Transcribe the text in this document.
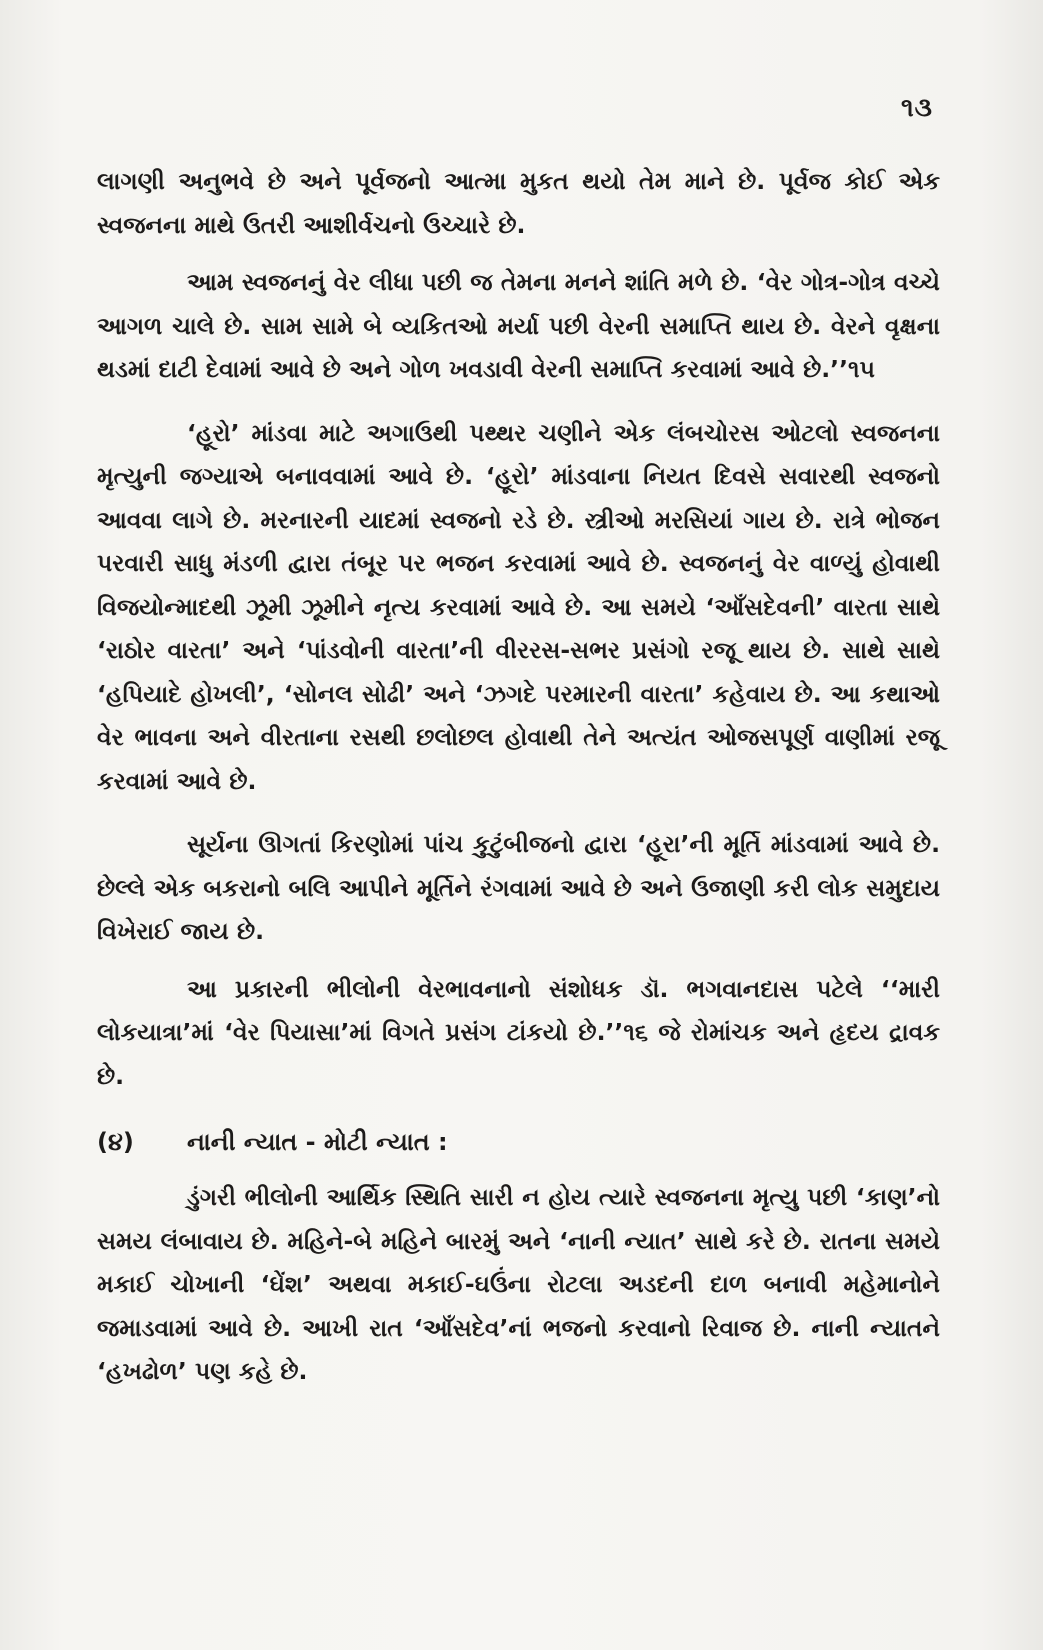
૧૩

લાગણી અનુભવે છે અને પૂર્વજનો આત્મા મુકત થયો તેમ માને છે. પૂર્વજ કોઈ એક સ્વજનના માથે ઉતરી આશીર્વચનો ઉચ્ચારે છે.

આમ સ્વજનનું વેર લીધા પછી જ તેમના મનને શાંતિ મળે છે. ‘વેર ગોત્ર-ગોત્ર વચ્ચે આગળ ચાલે છે. સામ સામે બે વ્યકિતઓ મર્યા પછી વેરની સમાપ્તિ થાય છે. વેરને વૃક્ષના થડમાં દાટી દેવામાં આવે છે અને ગોળ ખવડાવી વેરની સમાપ્તિ કરવામાં આવે છે.’’૧૫

‘હૂરો’ માંડવા માટે અગાઉથી પથ્થર ચણીને એક લંબચોરસ ઓટલો સ્વજનના મૃત્યુની જગ્યાએ બનાવવામાં આવે છે. ‘હૂરો’ માંડવાના નિયત દિવસે સવારથી સ્વજનો આવવા લાગે છે. મરનારની યાદમાં સ્વજનો રડે છે. સ્ત્રીઓ મરસિયાં ગાય છે. રાત્રે ભોજન પરવારી સાધુ મંડળી દ્વારા તંબૂર પર ભજન કરવામાં આવે છે. સ્વજનનું વેર વાળ્યું હોવાથી વિજયોન્માદથી ઝૂમી ઝૂમીને નૃત્ય કરવામાં આવે છે. આ સમયે ‘આઁસદેવની’ વારતા સાથે ‘રાઠોર વારતા’ અને ‘પાંડવોની વારતા’ની વીરરસ-સભર પ્રસંગો રજૂ થાય છે. સાથે સાથે ‘હપિયાદે હોખલી’, ‘સોનલ સોઢી’ અને ‘ઝગદે પરમારની વારતા’ કહેવાય છે. આ કથાઓ વેર ભાવના અને વીરતાના રસથી છલોછલ હોવાથી તેને અત્યંત ઓજસપૂર્ણ વાણીમાં રજૂ કરવામાં આવે છે.

સૂર્યના ઊગતાં કિરણોમાં પાંચ કુટુંબીજનો દ્વારા ‘હૂરા’ની મૂર્તિ માંડવામાં આવે છે. છેલ્લે એક બકરાનો બલિ આપીને મૂર્તિને રંગવામાં આવે છે અને ઉજાણી કરી લોક સમુદાય વિખેરાઈ જાય છે.

આ પ્રકારની ભીલોની વેરભાવનાનો સંશોધક ડૉ. ભગવાનદાસ પટેલે ‘‘મારી લોકયાત્રા’માં ‘વેર પિયાસા’માં વિગતે પ્રસંગ ટાંકયો છે.’’૧૬ જે રોમાંચક અને હૃદય દ્રાવક છે.

(૪)	નાની ન્યાત - મોટી ન્યાત :

ડુંગરી ભીલોની આર્થિક સ્થિતિ સારી ન હોય ત્યારે સ્વજનના મૃત્યુ પછી ‘કાણ’નો સમય લંબાવાય છે. મહિને-બે મહિને બારમું અને ‘નાની ન્યાત’ સાથે કરે છે. રાતના સમયે મકાઈ ચોખાની ‘ઘેંશ’ અથવા મકાઈ-ઘઉંના રોટલા અડદની દાળ બનાવી મહેમાનોને જમાડવામાં આવે છે. આખી રાત ‘આઁસદેવ’નાં ભજનો કરવાનો રિવાજ છે. નાની ન્યાતને ‘હખઢોળ’ પણ કહે છે.
